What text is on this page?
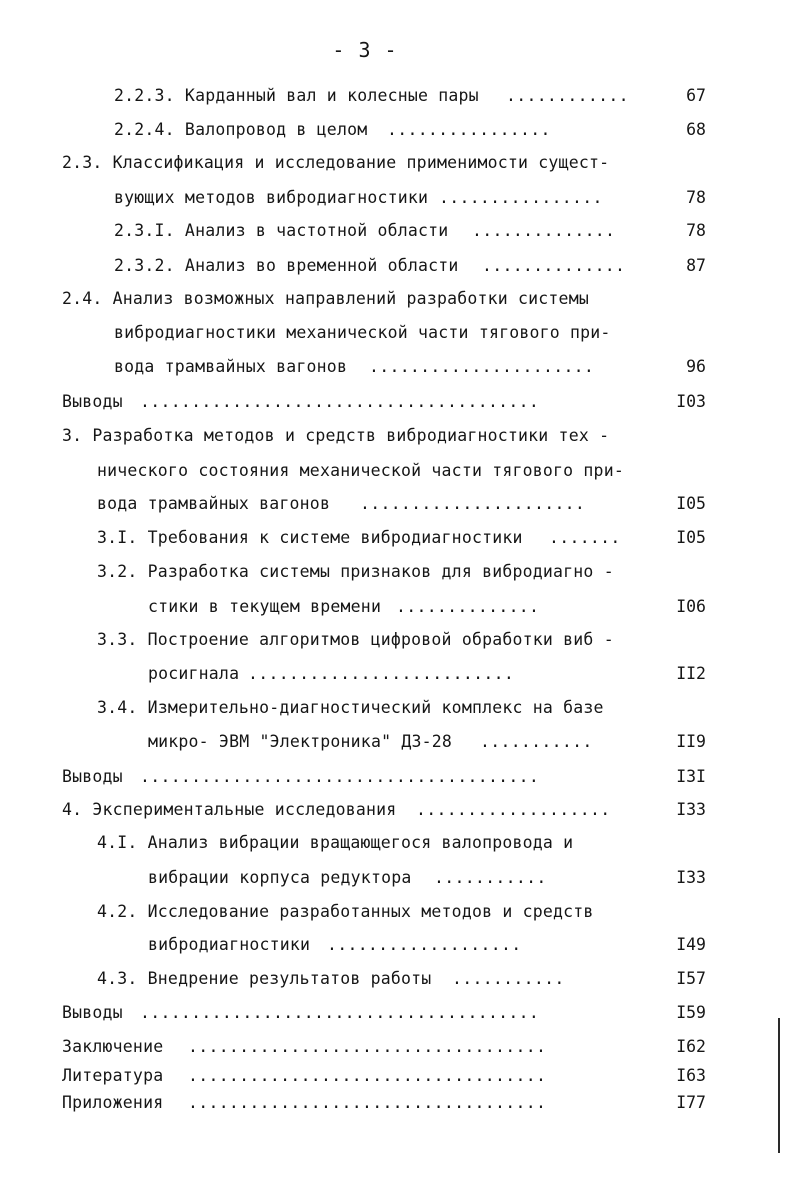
- 3 -
2.2.3. Карданный вал и колесные пары ............	67
2.2.4. Валопровод в целом ................	68
2.3. Классификация и исследование применимости сущест-
вующих методов вибродиагностики ................	78
2.3.I. Анализ в частотной области ..............	78
2.3.2. Анализ во временной области ..............	87
2.4. Анализ возможных направлений разработки системы
вибродиагностики механической части тягового при-
вода трамвайных вагонов ......................	96
Выводы .......................................	I03
3. Разработка методов и средств вибродиагностики тех -
нического состояния механической части тягового при-
вода трамвайных вагонов ......................	I05
3.I. Требования к системе вибродиагностики .......	I05
3.2. Разработка системы признаков для вибродиагно -
стики в текущем времени ..............	I06
3.3. Построение алгоритмов цифровой обработки виб -
росигнала ..........................	II2
3.4. Измерительно-диагностический комплекс на базе
микро- ЭВМ "Электроника" ДЗ-28 ...........	II9
Выводы .......................................	I3I
4. Экспериментальные исследования ...................	I33
4.I. Анализ вибрации вращающегося валопровода и
вибрации корпуса редуктора ...........	I33
4.2. Исследование разработанных методов и средств
вибродиагностики ...................	I49
4.3. Внедрение результатов работы ...........	I57
Выводы .......................................	I59
Заключение ...................................	I62
Литература ...................................	I63
Приложения ...................................	I77
